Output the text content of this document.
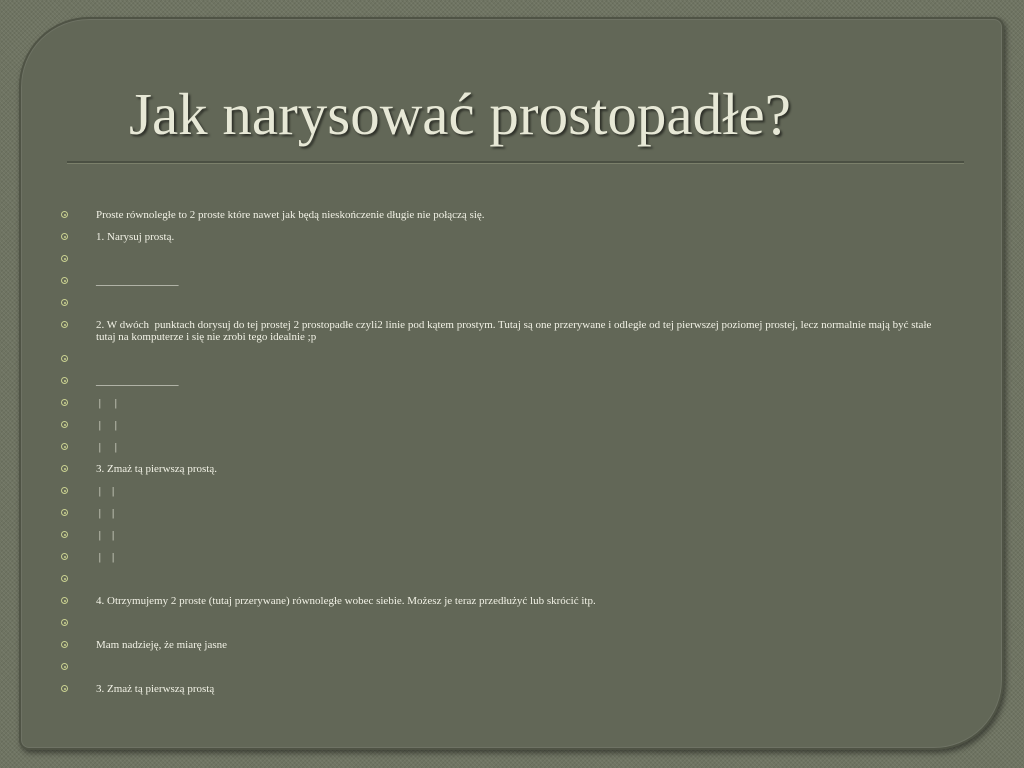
Jak narysować prostopadłe?
Proste równoległe to 2 proste które nawet jak będą nieskończenie długie nie połączą się.
1. Narysuj prostą.
_______________
2. W dwóch  punktach dorysuj do tej prostej 2 prostopadłe czyli2 linie pod kątem prostym. Tutaj są one przerywane i odległe od tej pierwszej poziomej prostej, lecz normalnie mają być stałe tutaj na komputerze i się nie zrobi tego idealnie ;p
_______________
|     |
|     |
|     |
3. Zmaż tą pierwszą prostą.
|    |
|    |
|    |
|    |
4. Otrzymujemy 2 proste (tutaj przerywane) równoległe wobec siebie. Możesz je teraz przedłużyć lub skrócić itp.
Mam nadzieję, że miarę jasne
3. Zmaż tą pierwszą prostą
